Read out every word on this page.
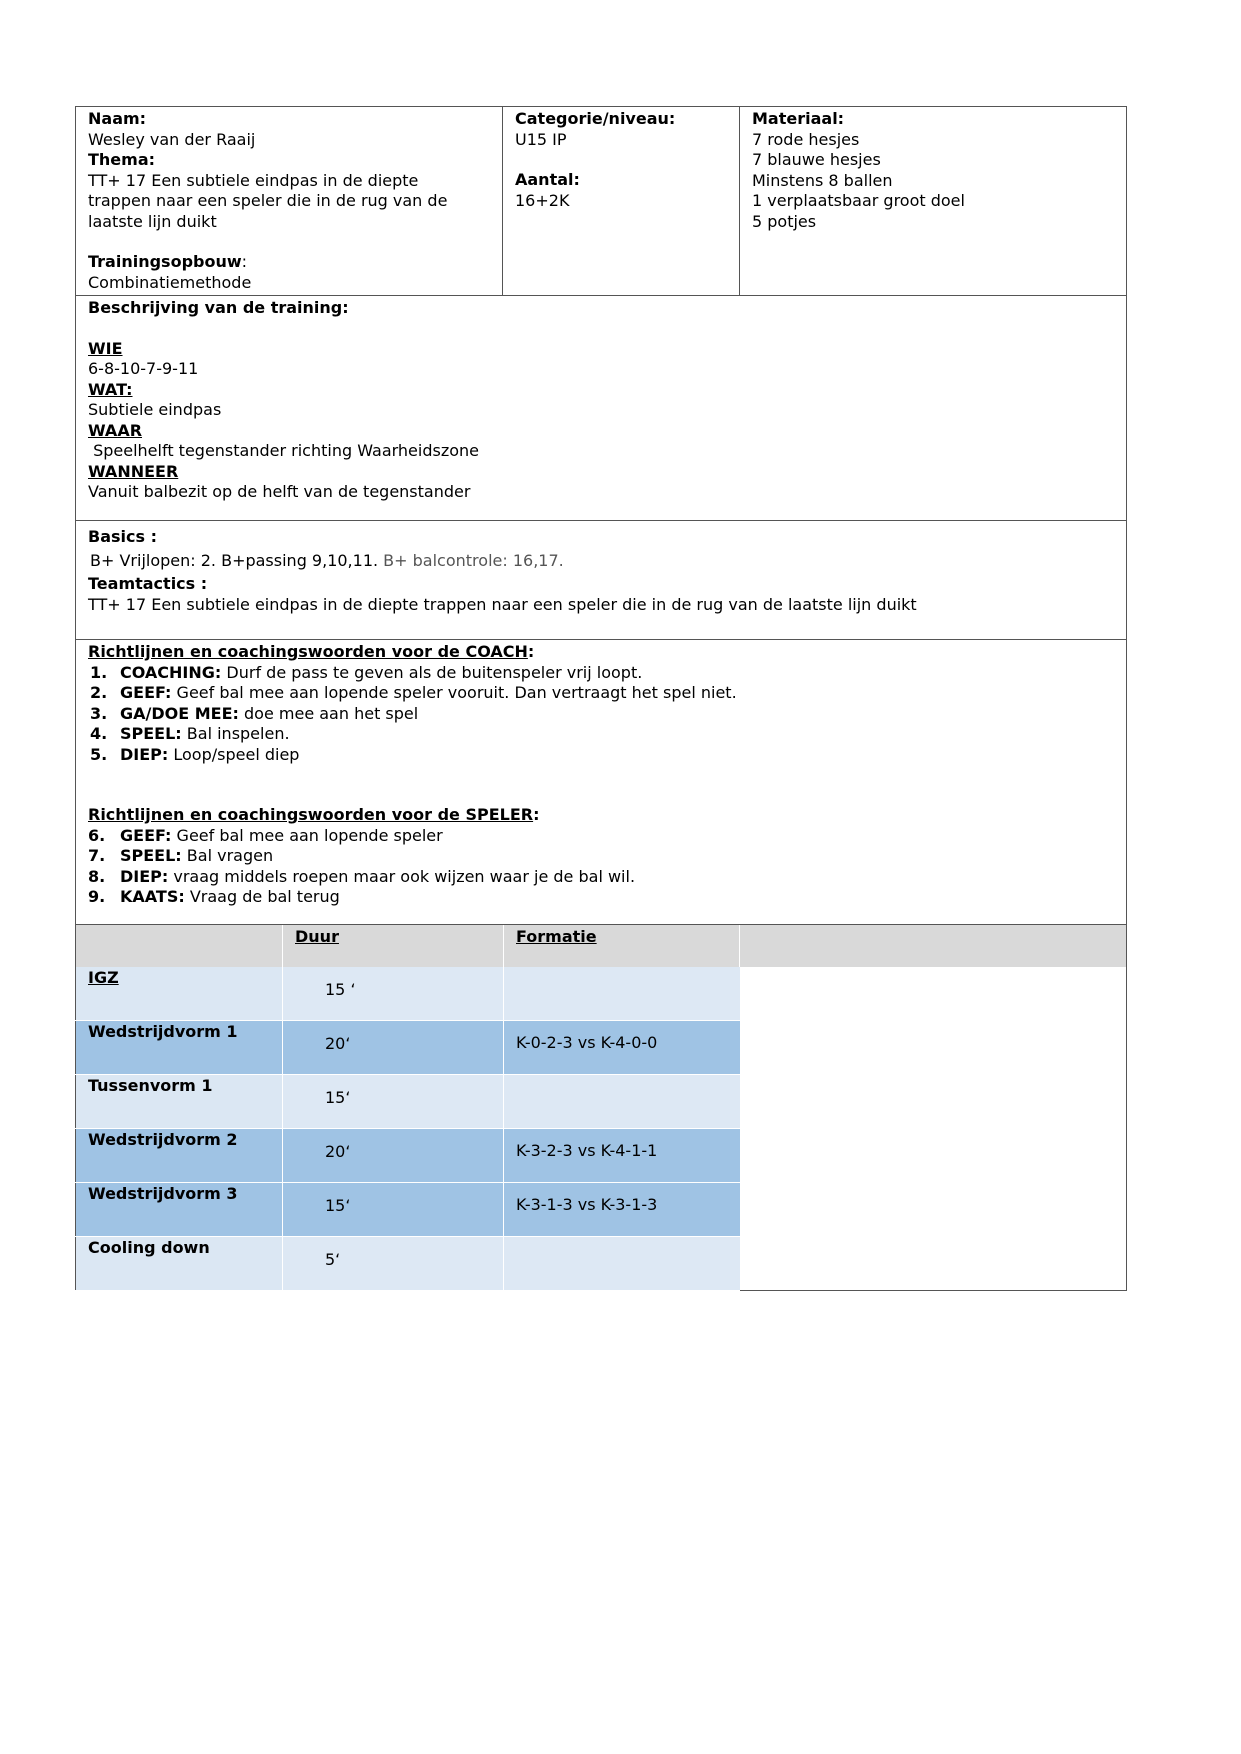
Naam:
Wesley van der Raaij
Thema:
TT+ 17 Een subtiele eindpas in de diepte
trappen naar een speler die in de rug van de
laatste lijn duikt
Trainingsopbouw:
Combinatiemethode

Categorie/niveau:
U15 IP
Aantal:
16+2K

Materiaal:
7 rode hesjes
7 blauwe hesjes
Minstens 8 ballen
1 verplaatsbaar groot doel
5 potjes

Beschrijving van de training:
WIE
6-8-10-7-9-11
WAT:
Subtiele eindpas
WAAR
Speelhelft tegenstander richting Waarheidszone
WANNEER
Vanuit balbezit op de helft van de tegenstander

Basics :
B+ Vrijlopen: 2. B+passing 9,10,11. B+ balcontrole: 16,17.
Teamtactics :
TT+ 17 Een subtiele eindpas in de diepte trappen naar een speler die in de rug van de laatste lijn duikt

Richtlijnen en coachingswoorden voor de COACH:
1. COACHING: Durf de pass te geven als de buitenspeler vrij loopt.
2. GEEF: Geef bal mee aan lopende speler vooruit. Dan vertraagt het spel niet.
3. GA/DOE MEE: doe mee aan het spel
4. SPEEL: Bal inspelen.
5. DIEP: Loop/speel diep
Richtlijnen en coachingswoorden voor de SPELER:
6. GEEF: Geef bal mee aan lopende speler
7. SPEEL: Bal vragen
8. DIEP: vraag middels roepen maar ook wijzen waar je de bal wil.
9. KAATS: Vraag de bal terug
	Duur	Formatie	
IGZ	15 ‘		
Wedstrijdvorm 1	20‘	K-0-2-3 vs K-4-0-0	
Tussenvorm 1	15‘		
Wedstrijdvorm 2	20‘	K-3-2-3 vs K-4-1-1	
Wedstrijdvorm 3	15‘	K-3-1-3 vs K-3-1-3	
Cooling down	5‘		
